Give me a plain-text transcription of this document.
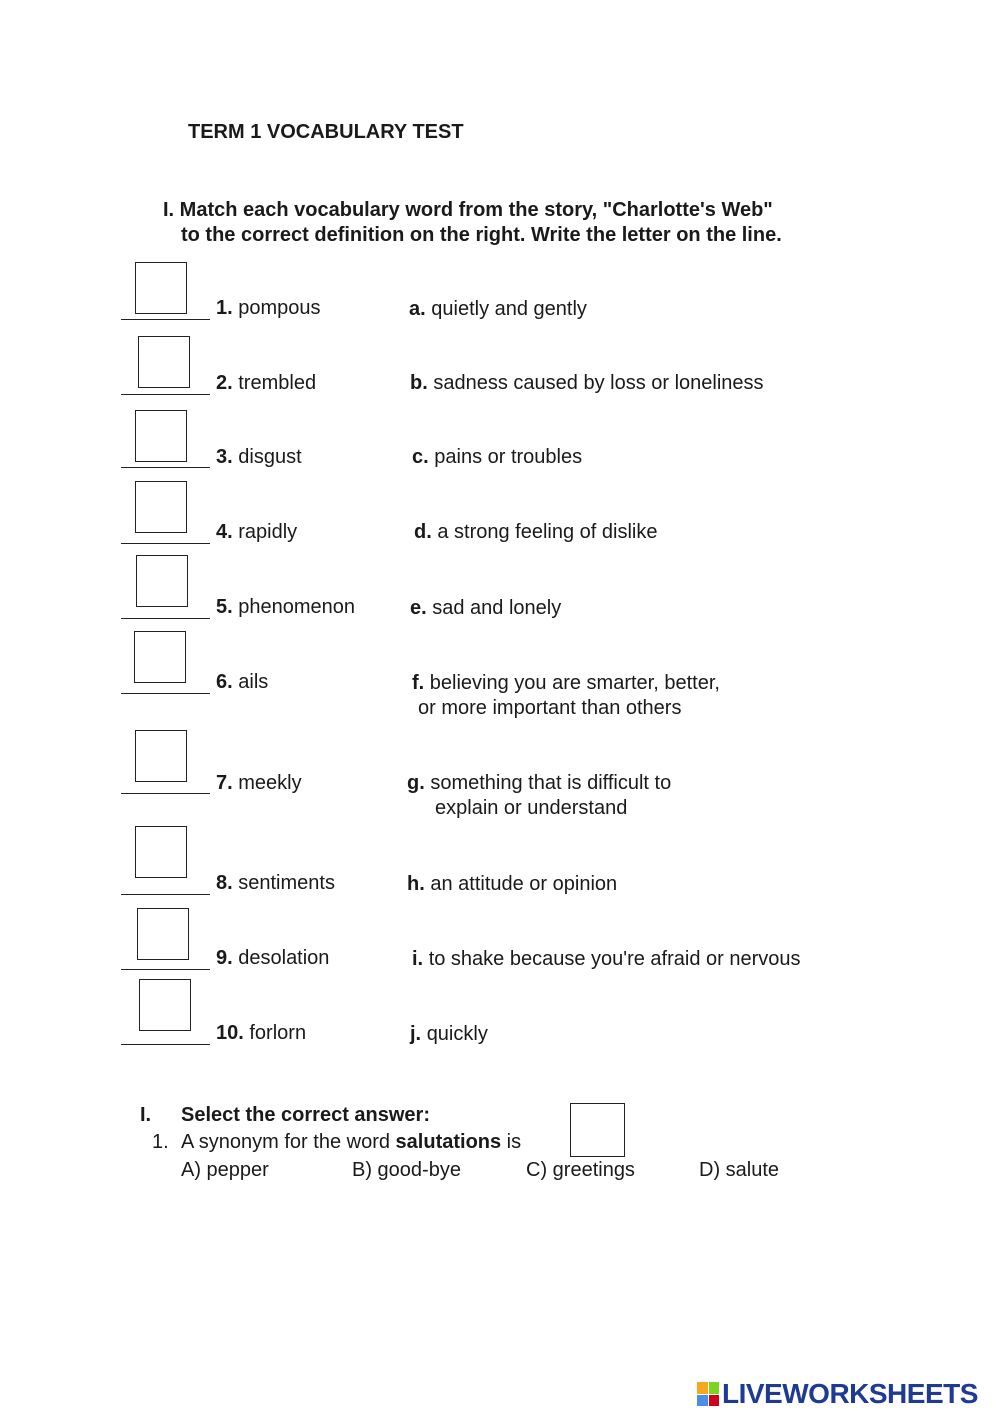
TERM 1 VOCABULARY TEST
I. Match each vocabulary word from the story, "Charlotte's Web"
to the correct definition on the right. Write the letter on the line.
1. pompous	a. quietly and gently
2. trembled	b. sadness caused by loss or loneliness
3. disgust	c. pains or troubles
4. rapidly	d. a strong feeling of dislike
5. phenomenon	e. sad and lonely
6. ails	f. believing you are smarter, better,
or more important than others
7. meekly	g. something that is difficult to
explain or understand
8. sentiments	h. an attitude or opinion
9. desolation	i. to shake because you're afraid or nervous
10. forlorn	j. quickly
I. Select the correct answer:
1. A synonym for the word salutations is
A) pepper	B) good-bye	C) greetings	D) salute
LIVEWORKSHEETS
